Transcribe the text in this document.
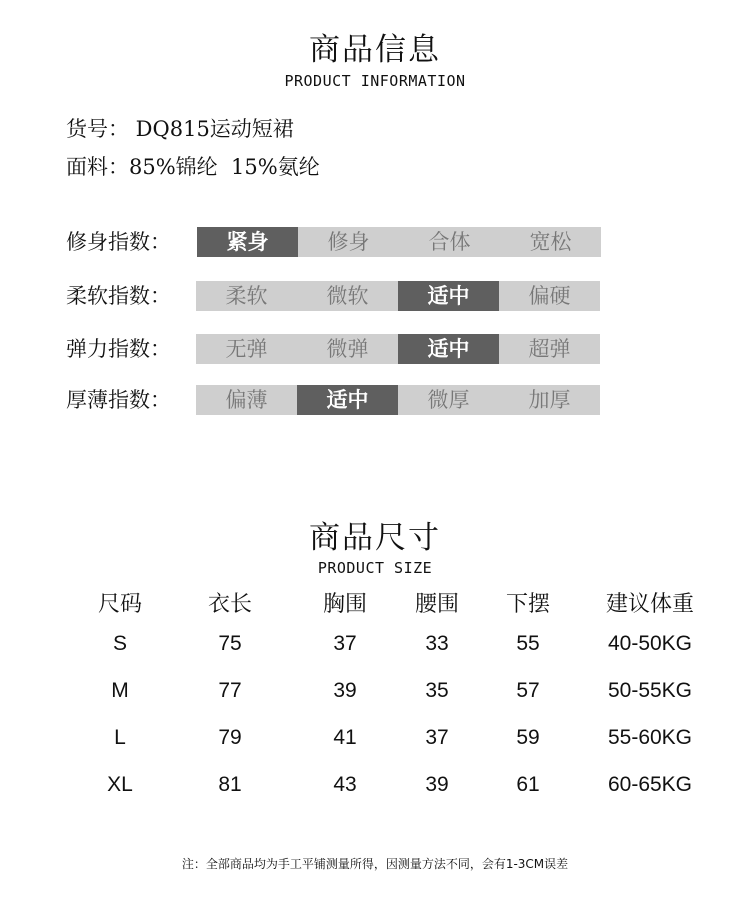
商品信息
PRODUCT INFORMATION
货号： DQ815运动短裙
面料：85%锦纶  15%氨纶
修身指数：	紧身	修身	合体	宽松
柔软指数：	柔软	微软	适中	偏硬
弹力指数：	无弹	微弹	适中	超弹
厚薄指数：	偏薄	适中	微厚	加厚
商品尺寸
PRODUCT SIZE
尺码	衣长	胸围	腰围	下摆	建议体重
S	75	37	33	55	40-50KG
M	77	39	35	57	50-55KG
L	79	41	37	59	55-60KG
XL	81	43	39	61	60-65KG
注：全部商品均为手工平铺测量所得，因测量方法不同，会有1-3CM误差
